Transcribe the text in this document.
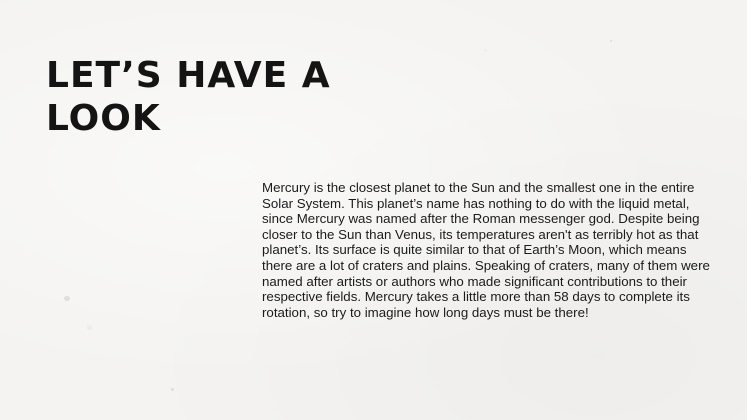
LET’S HAVE A
LOOK

Mercury is the closest planet to the Sun and the smallest one in the entire Solar System. This planet’s name has nothing to do with the liquid metal, since Mercury was named after the Roman messenger god. Despite being closer to the Sun than Venus, its temperatures aren't as terribly hot as that planet’s. Its surface is quite similar to that of Earth’s Moon, which means there are a lot of craters and plains. Speaking of craters, many of them were named after artists or authors who made significant contributions to their respective fields. Mercury takes a little more than 58 days to complete its rotation, so try to imagine how long days must be there!
